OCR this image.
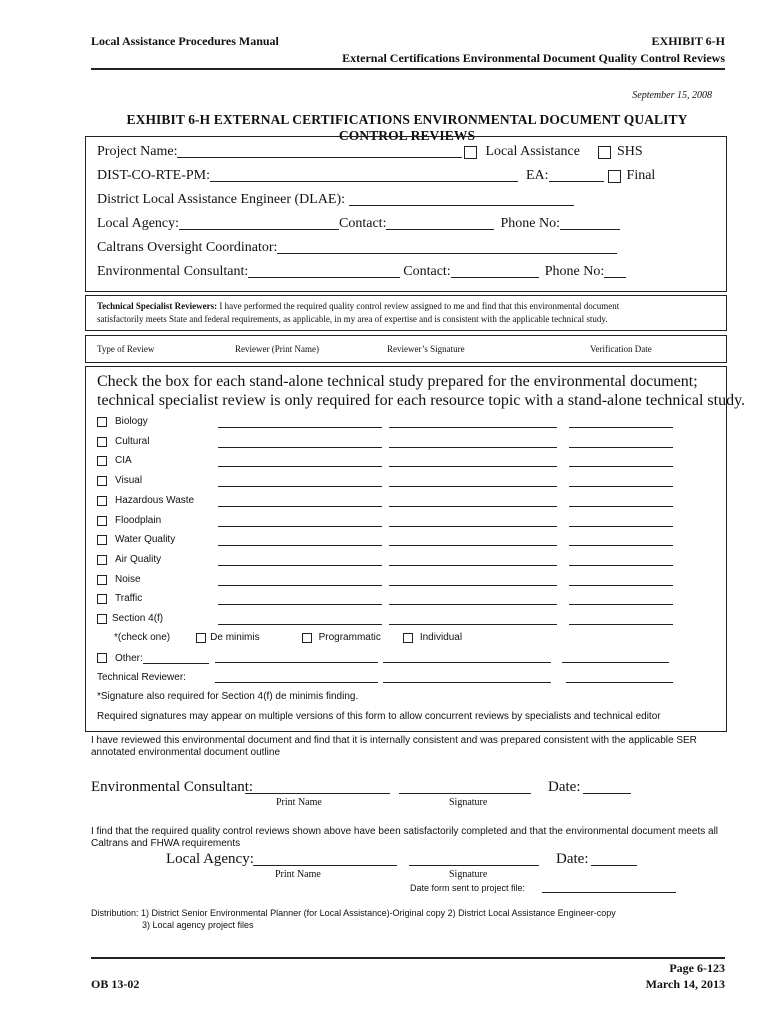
Local Assistance Procedures Manual	EXHIBIT 6-H
External Certifications Environmental Document Quality Control Reviews
September 15, 2008
EXHIBIT 6-H EXTERNAL CERTIFICATIONS ENVIRONMENTAL DOCUMENT QUALITY CONTROL REVIEWS
Project Name:	Local Assistance	SHS
DIST-CO-RTE-PM:	EA:	Final
District Local Assistance Engineer (DLAE):
Local Agency:	Contact:	Phone No:
Caltrans Oversight Coordinator:
Environmental Consultant:	Contact:	Phone No:
Technical Specialist Reviewers: I have performed the required quality control review assigned to me and find that this environmental document
satisfactorily meets State and federal requirements, as applicable, in my area of expertise and is consistent with the applicable technical study.
Type of Review	Reviewer (Print Name)	Reviewer’s Signature	Verification Date
Check the box for each stand-alone technical study prepared for the environmental document;
technical specialist review is only required for each resource topic with a stand-alone technical study.
Biology
Cultural
CIA
Visual
Hazardous Waste
Floodplain
Water Quality
Air Quality
Noise
Traffic
Section 4(f)
*(check one)	De minimis	Programmatic	Individual
Other:
Technical Reviewer:
*Signature also required for Section 4(f) de minimis finding.
Required signatures may appear on multiple versions of this form to allow concurrent reviews by specialists and technical editor
I have reviewed this environmental document and find that it is internally consistent and was prepared consistent with the applicable SER
annotated environmental document outline
Environmental Consultant:	Date:
Print Name	Signature
I find that the required quality control reviews shown above have been satisfactorily completed and that the environmental document meets all
Caltrans and FHWA requirements
Local Agency:	Date:
Print Name	Signature
Date form sent to project file:
Distribution: 1) District Senior Environmental Planner (for Local Assistance)-Original copy 2) District Local Assistance Engineer-copy
3) Local agency project files
Page 6-123
OB 13-02	March 14, 2013
